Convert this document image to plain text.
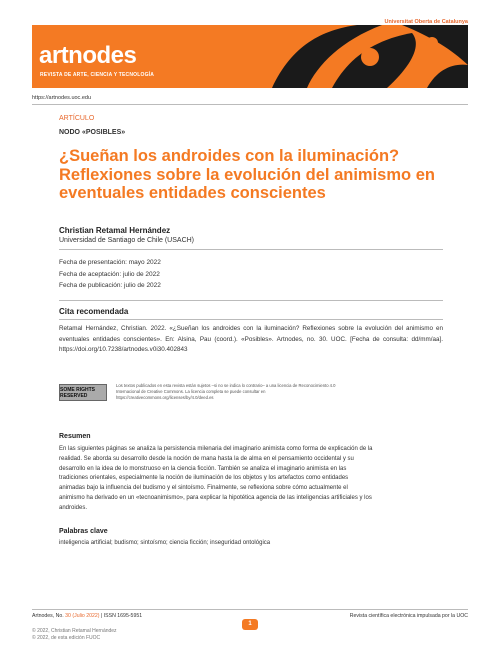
Universitat Oberta de Catalunya
artnodes
REVISTA DE ARTE, CIENCIA Y TECNOLOGÍA
https://artnodes.uoc.edu
ARTÍCULO
NODO «POSIBLES»
¿Sueñan los androides con la iluminación? Reflexiones sobre la evolución del animismo en eventuales entidades conscientes
Christian Retamal Hernández
Universidad de Santiago de Chile (USACH)
Fecha de presentación: mayo 2022
Fecha de aceptación: julio de 2022
Fecha de publicación: julio de 2022
Cita recomendada
Retamal Hernández, Christian. 2022. «¿Sueñan los androides con la iluminación? Reflexiones sobre la evolución del animismo en eventuales entidades conscientes». En: Alsina, Pau (coord.). «Posibles». Artnodes, no. 30. UOC. [Fecha de consulta: dd/mm/aa]. https://doi.org/10.7238/artnodes.v0i30.402843
SOME RIGHTS RESERVED
Los textos publicados en esta revista están sujetos –si no se indica lo contrario– a una licencia de Reconocimiento 4.0 Internacional de Creative Commons. La licencia completa se puede consultar en https://creativecommons.org/licenses/by/4.0/deed.es
Resumen
En las siguientes páginas se analiza la persistencia milenaria del imaginario animista como forma de explicación de la realidad. Se aborda su desarrollo desde la noción de mana hasta la de alma en el pensamiento occidental y su desarrollo en la idea de lo monstruoso en la ciencia ficción. También se analiza el imaginario animista en las tradiciones orientales, especialmente la noción de iluminación de los objetos y los artefactos como entidades animadas bajo la influencia del budismo y el sintoísmo. Finalmente, se reflexiona sobre cómo actualmente el animismo ha derivado en un «tecnoanimismo», para explicar la hipotética agencia de las inteligencias artificiales y los androides.
Palabras clave
inteligencia artificial; budismo; sintoísmo; ciencia ficción; inseguridad ontológica
Artnodes, No. 30 (Julio 2022) | ISSN 1695-5951	Revista científica electrónica impulsada por la UOC
1
© 2022, Christian Retamal Hernández
© 2022, de esta edición FUOC
